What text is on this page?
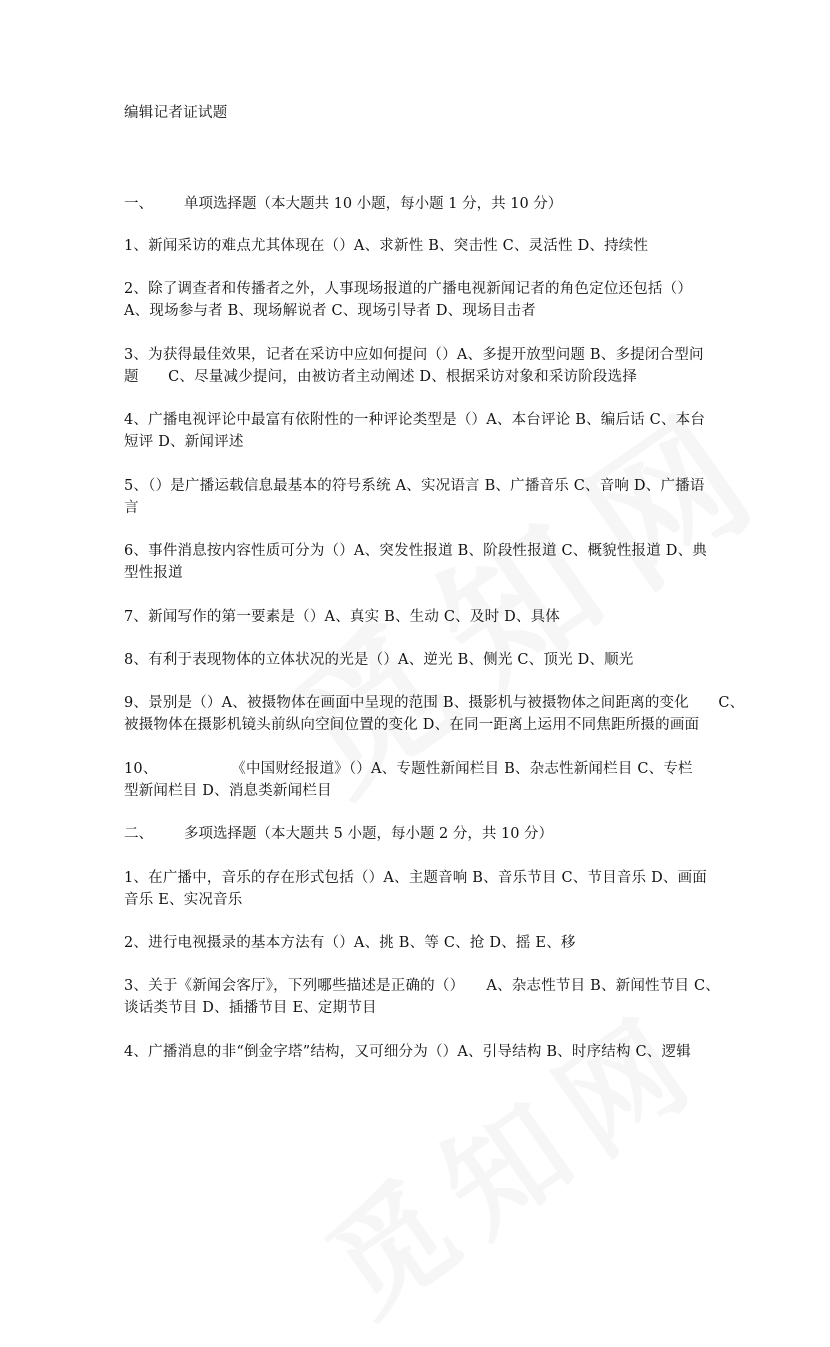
编辑记者证试题
一、 单项选择题（本大题共 10 小题，每小题 1 分，共 10 分）
1、新闻采访的难点尤其体现在（）A、求新性 B、突击性 C、灵活性 D、持续性
2、除了调查者和传播者之外，人事现场报道的广播电视新闻记者的角色定位还包括（）
A、现场参与者 B、现场解说者 C、现场引导者 D、现场目击者
3、为获得最佳效果，记者在采访中应如何提问（）A、多提开放型问题 B、多提闭合型问
题　　C、尽量减少提问，由被访者主动阐述 D、根据采访对象和采访阶段选择
4、广播电视评论中最富有依附性的一种评论类型是（）A、本台评论 B、编后话 C、本台
短评 D、新闻评述
5、（）是广播运载信息最基本的符号系统 A、实况语言 B、广播音乐 C、音响 D、广播语
言
6、事件消息按内容性质可分为（）A、突发性报道 B、阶段性报道 C、概貌性报道 D、典
型性报道
7、新闻写作的第一要素是（）A、真实 B、生动 C、及时 D、具体
8、有利于表现物体的立体状况的光是（）A、逆光 B、侧光 C、顶光 D、顺光
9、景别是（）A、被摄物体在画面中呈现的范围 B、摄影机与被摄物体之间距离的变化　　C、
被摄物体在摄影机镜头前纵向空间位置的变化 D、在同一距离上运用不同焦距所摄的画面
10、　　　　　　《中国财经报道》（）A、专题性新闻栏目 B、杂志性新闻栏目 C、专栏
型新闻栏目 D、消息类新闻栏目
二、 多项选择题（本大题共 5 小题，每小题 2 分，共 10 分）
1、在广播中，音乐的存在形式包括（）A、主题音响 B、音乐节目 C、节目音乐 D、画面
音乐 E、实况音乐
2、进行电视摄录的基本方法有（）A、挑 B、等 C、抢 D、摇 E、移
3、关于《新闻会客厅》，下列哪些描述是正确的（）　　A、杂志性节目 B、新闻性节目 C、
谈话类节目 D、插播节目 E、定期节目
4、广播消息的非“倒金字塔”结构，又可细分为（）A、引导结构 B、时序结构 C、逻辑
